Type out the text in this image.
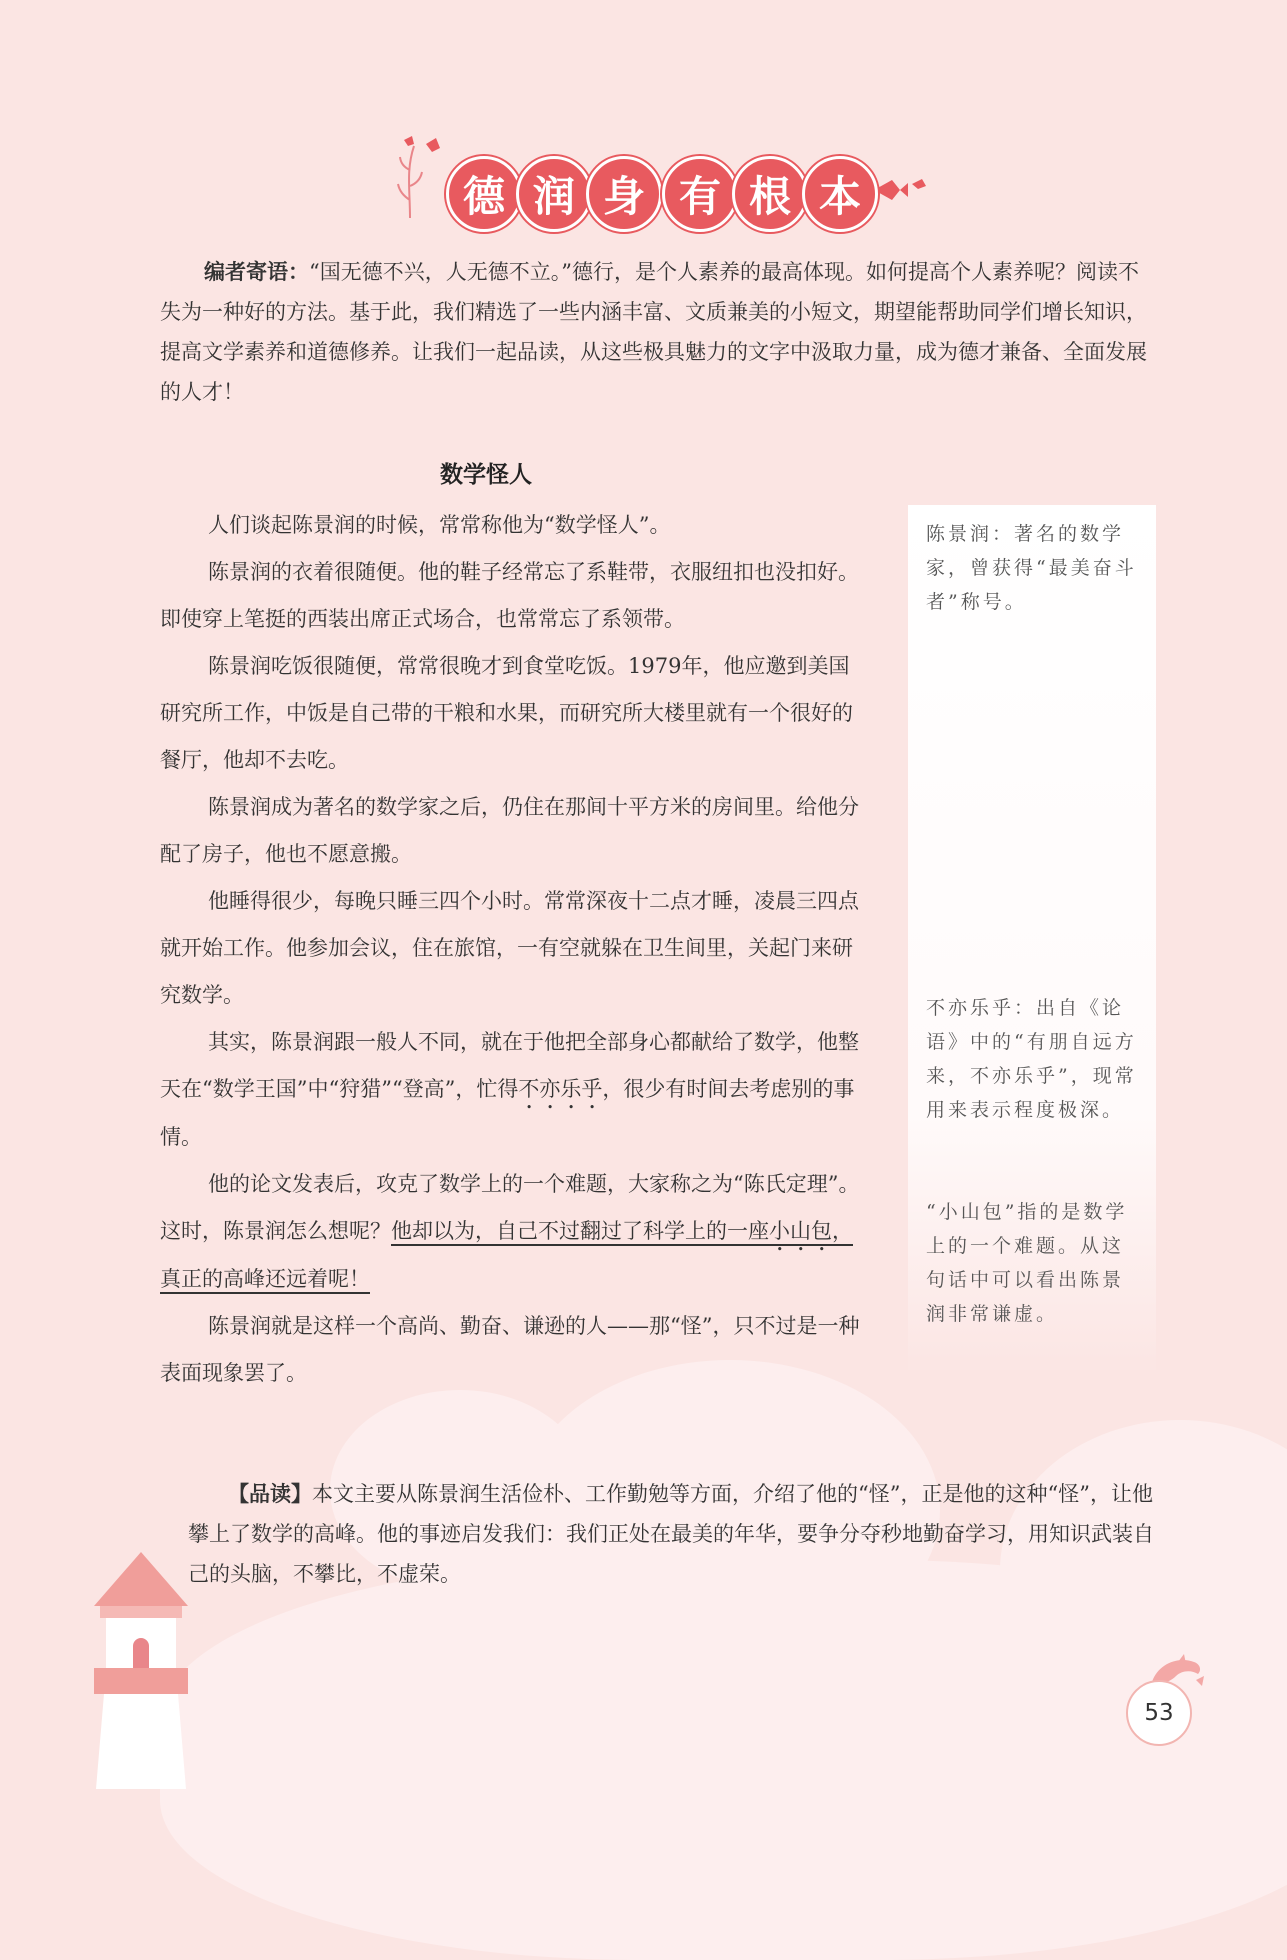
德 润 身 有 根 本
编者寄语：“国无德不兴，人无德不立。”德行，是个人素养的最高体现。如何提高个人素养呢？阅读不失为一种好的方法。基于此，我们精选了一些内涵丰富、文质兼美的小短文，期望能帮助同学们增长知识，提高文学素养和道德修养。让我们一起品读，从这些极具魅力的文字中汲取力量，成为德才兼备、全面发展的人才！
数学怪人

人们谈起陈景润的时候，常常称他为“数学怪人”。

陈景润的衣着很随便。他的鞋子经常忘了系鞋带，衣服纽扣也没扣好。即使穿上笔挺的西装出席正式场合，也常常忘了系领带。

陈景润吃饭很随便，常常很晚才到食堂吃饭。1979年，他应邀到美国研究所工作，中饭是自己带的干粮和水果，而研究所大楼里就有一个很好的餐厅，他却不去吃。

陈景润成为著名的数学家之后，仍住在那间十平方米的房间里。给他分配了房子，他也不愿意搬。

他睡得很少，每晚只睡三四个小时。常常深夜十二点才睡，凌晨三四点就开始工作。他参加会议，住在旅馆，一有空就躲在卫生间里，关起门来研究数学。

其实，陈景润跟一般人不同，就在于他把全部身心都献给了数学，他整天在“数学王国”中“狩猎”“登高”，忙得不亦乐乎，很少有时间去考虑别的事情。

他的论文发表后，攻克了数学上的一个难题，大家称之为“陈氏定理”。这时，陈景润怎么想呢？他却以为，自己不过翻过了科学上的一座小山包，真正的高峰还远着呢！

陈景润就是这样一个高尚、勤奋、谦逊的人——那“怪”，只不过是一种表面现象罢了。

陈景润：著名的数学家，曾获得“最美奋斗者”称号。
不亦乐乎：出自《论语》中的“有朋自远方来，不亦乐乎”，现常用来表示程度极深。
“小山包”指的是数学上的一个难题。从这句话中可以看出陈景润非常谦虚。
【品读】本文主要从陈景润生活俭朴、工作勤勉等方面，介绍了他的“怪”，正是他的这种“怪”，让他攀上了数学的高峰。他的事迹启发我们：我们正处在最美的年华，要争分夺秒地勤奋学习，用知识武装自己的头脑，不攀比，不虚荣。
53
